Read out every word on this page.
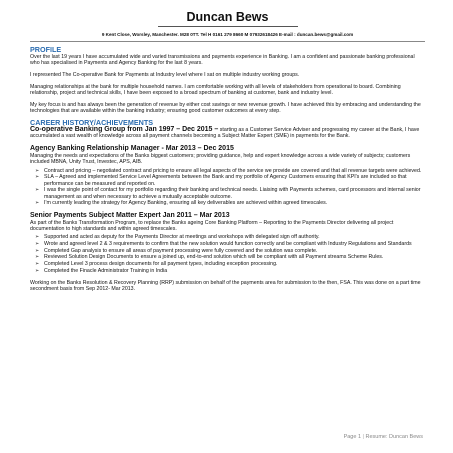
Duncan Bews
9 Kent Close, Worsley, Manchester. M28 0TT. Tel H 0161 279 8660 M 07932618426 E-mail : duncan.bews@gmail.com
PROFILE

Over the last 19 years I have accumulated wide and varied transmissions and payments experience in Banking. I am a confident and passionate banking professional who has specialised in Payments and Agency Banking for the last 8 years.

I represented The Co-operative Bank for Payments at Industry level where I sat on multiple industry working groups.

Managing relationships at the bank for multiple household names. I am comfortable working with all levels of stakeholders from operational to board. Combining relationship, project and technical skills, I have been exposed to a broad spectrum of banking at customer, bank and industry level.

My key focus is and has always been the generation of revenue by either cost savings or new revenue growth. I have achieved this by embracing and understanding the technologies that are available within the banking industry; ensuring good customer outcomes at every step.

CAREER HISTORY/ACHIEVEMENTS

Co-operative Banking Group from Jan 1997 – Dec 2015 – starting as a Customer Service Adviser and progressing my career at the Bank, I have accumulated a vast wealth of knowledge across all payment channels becoming a Subject Matter Expert (SME) in payments for the Bank.

Agency Banking Relationship Manager - Mar 2013 – Dec 2015

Managing the needs and expectations of the Banks biggest customers; providing guidance, help and expert knowledge across a wide variety of subjects; customers included MBNA, Unity Trust, Investec, APS, AIB.

➢ Contract and pricing – negotiated contract and pricing to ensure all legal aspects of the service we provide are covered and that all revenue targets were achieved.
➢ SLA – Agreed and implemented Service Level Agreements between the Bank and my portfolio of Agency Customers ensuring that KPI's are included so that performance can be measured and reported on.
➢ I was the single point of contact for my portfolio regarding their banking and technical needs. Liaising with Payments schemes, card processors and internal senior management as and when necessary to achieve a mutually acceptable outcome.
➢ I'm currently leading the strategy for Agency Banking, ensuring all key deliverables are achieved within agreed timescales.
Senior Payments Subject Matter Expert Jan 2011 – Mar 2013

As part of the Banks Transformation Program, to replace the Banks ageing Core Banking Platform – Reporting to the Payments Director delivering all project documentation to high standards and within agreed timescales.

➢ Supported and acted as deputy for the Payments Director at meetings and workshops with delegated sign off authority.
➢ Wrote and agreed level 2 & 3 requirements to confirm that the new solution would function correctly and be compliant with Industry Regulations and Standards
➢ Completed Gap analysis to ensure all areas of payment processing were fully covered and the solution was complete.
➢ Reviewed Solution Design Documents to ensure a joined up, end-to-end solution which will be compliant with all Payment streams Scheme Rules.
➢ Completed Level 3 process design documents for all payment types, including exception processing.
➢ Completed the Finacle Administrator Training in India

Working on the Banks Resolution & Recovery Planning (RRP) submission on behalf of the payments area for submission to the then, FSA. This was done on a part time secondment basis from Sep 2012- Mar 2013.

Page 1 | Resume: Duncan Bews
